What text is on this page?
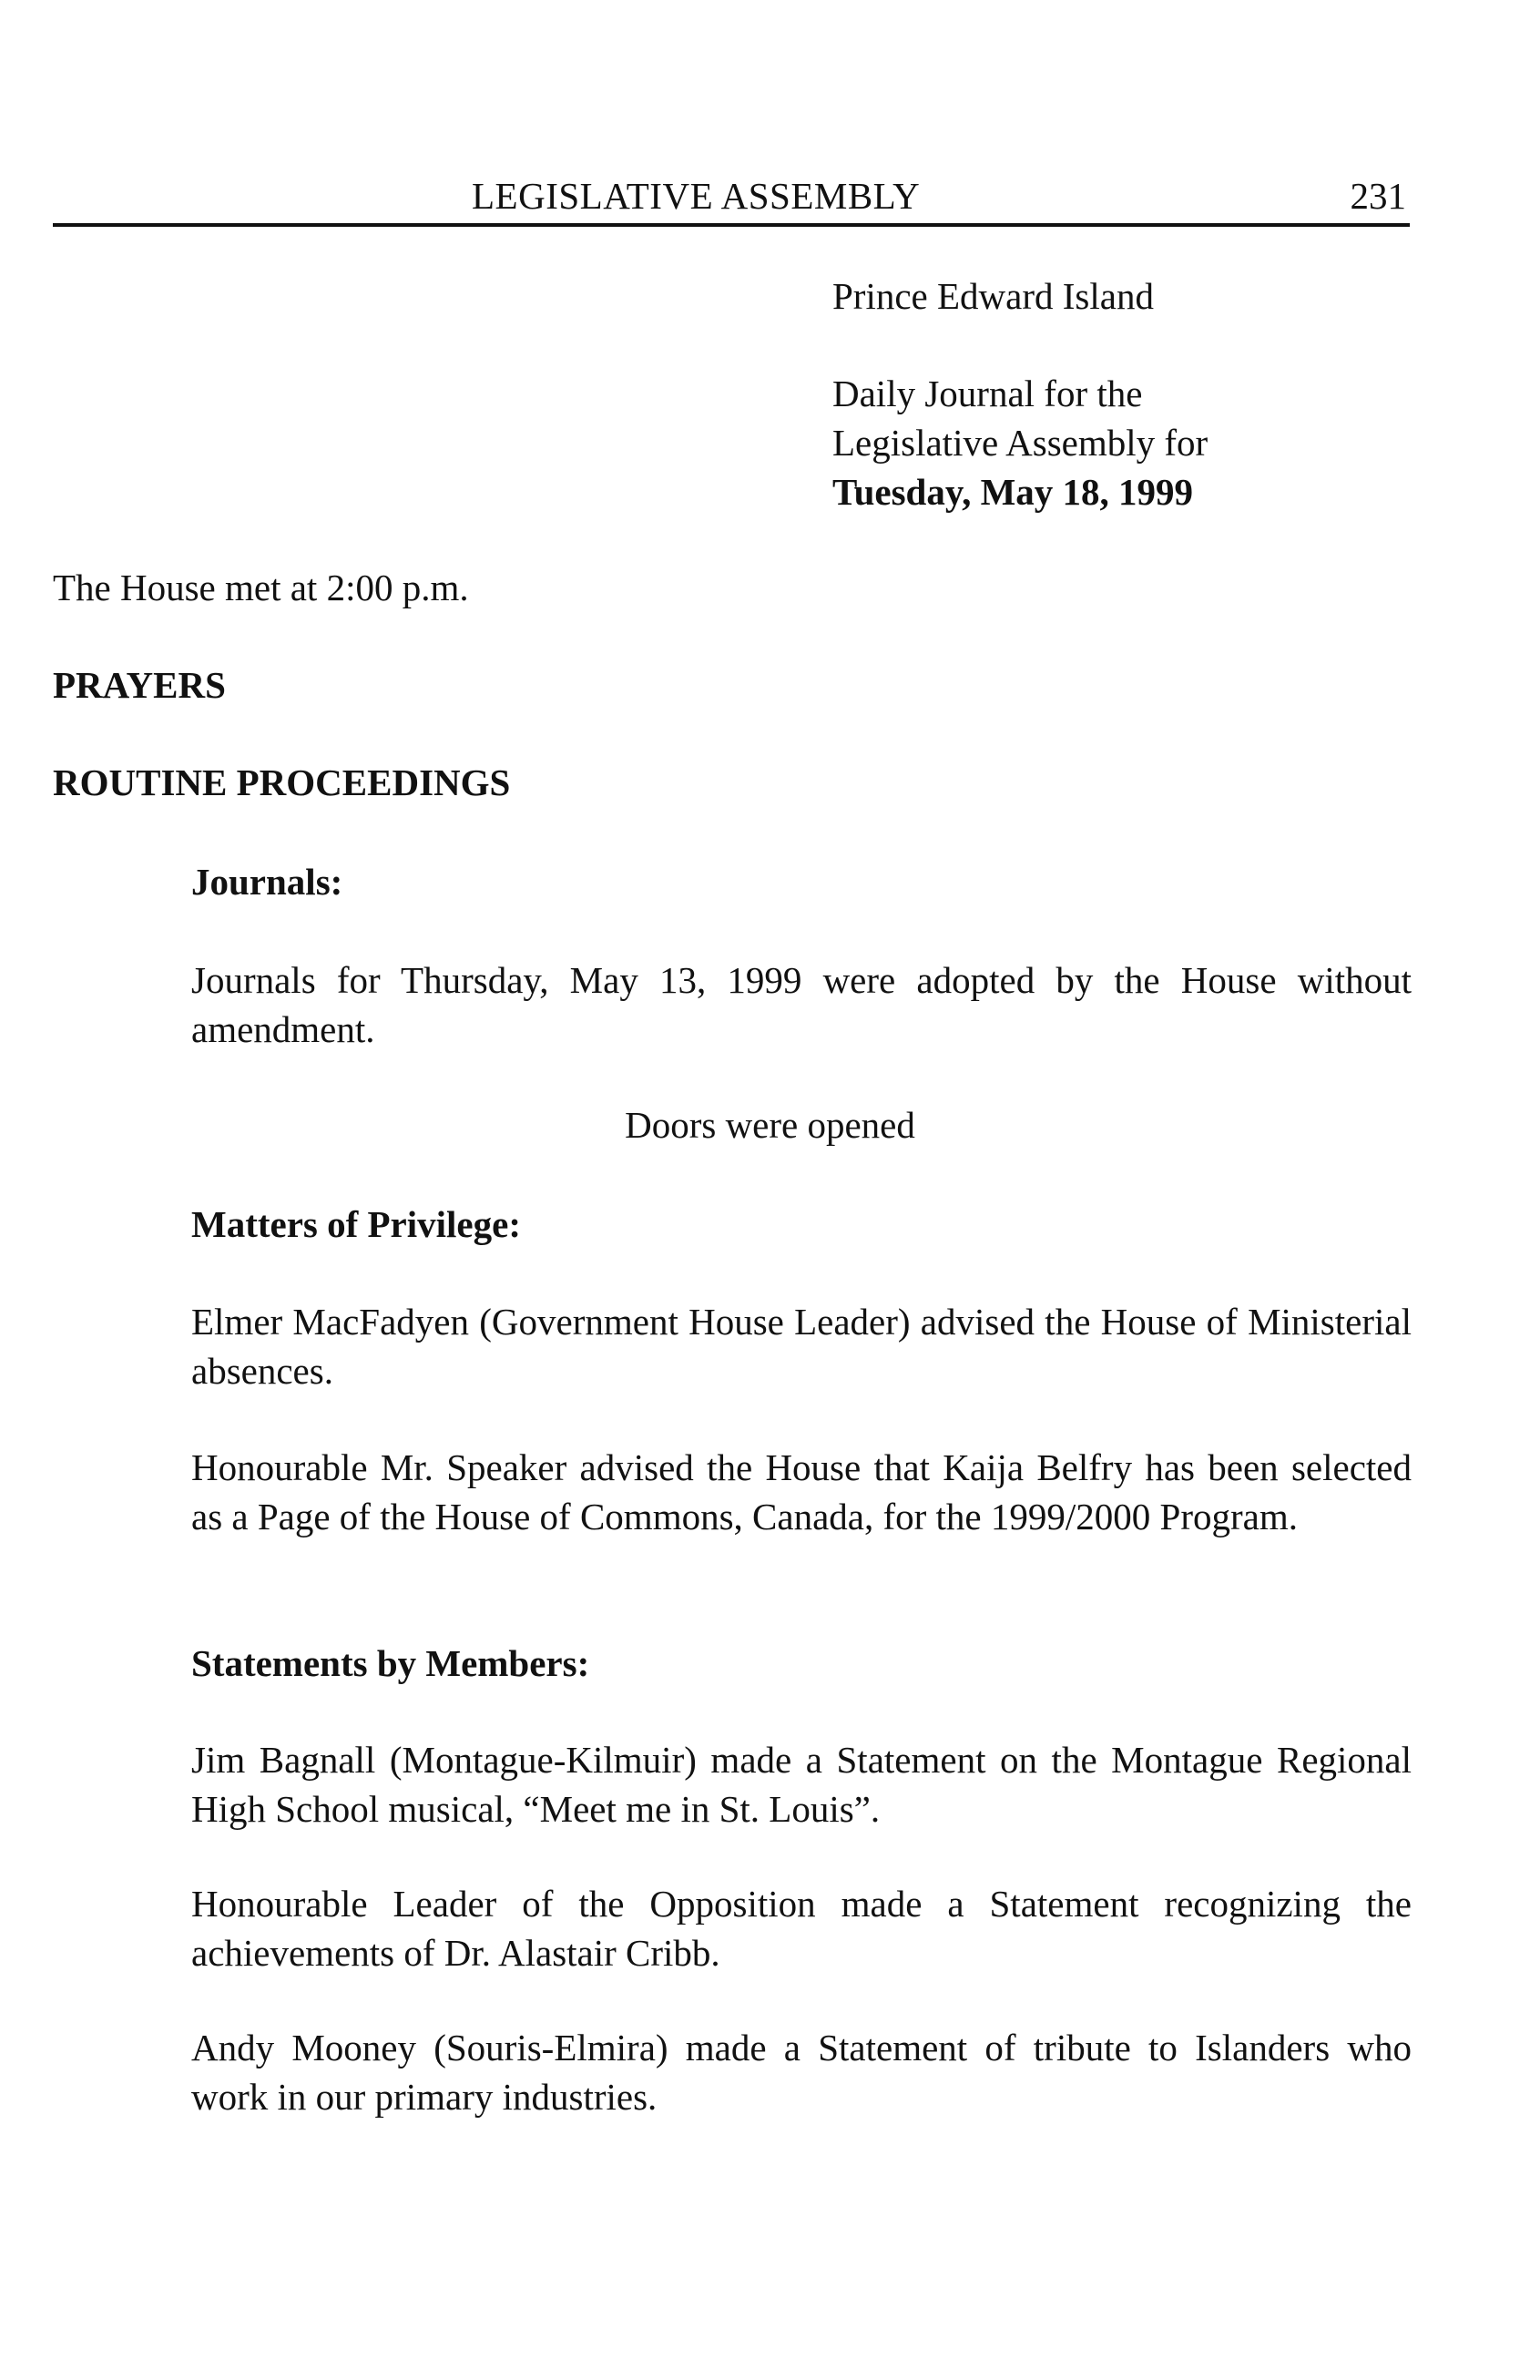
LEGISLATIVE ASSEMBLY	231
Prince Edward Island
Daily Journal for the
Legislative Assembly for
Tuesday, May 18, 1999
The House met at 2:00 p.m.
PRAYERS
ROUTINE PROCEEDINGS
Journals:
Journals for Thursday, May 13, 1999 were adopted by the House without amendment.
Doors were opened
Matters of Privilege:
Elmer MacFadyen (Government House Leader) advised the House of Ministerial absences.
Honourable Mr. Speaker advised the House that Kaija Belfry has been selected as a Page of the House of Commons, Canada, for the 1999/2000 Program.
Statements by Members:
Jim Bagnall (Montague-Kilmuir) made a Statement on the Montague Regional High School musical, “Meet me in St. Louis”.
Honourable Leader of the Opposition made a Statement recognizing the achievements of Dr. Alastair Cribb.
Andy Mooney (Souris-Elmira) made a Statement of tribute to Islanders who work in our primary industries.
